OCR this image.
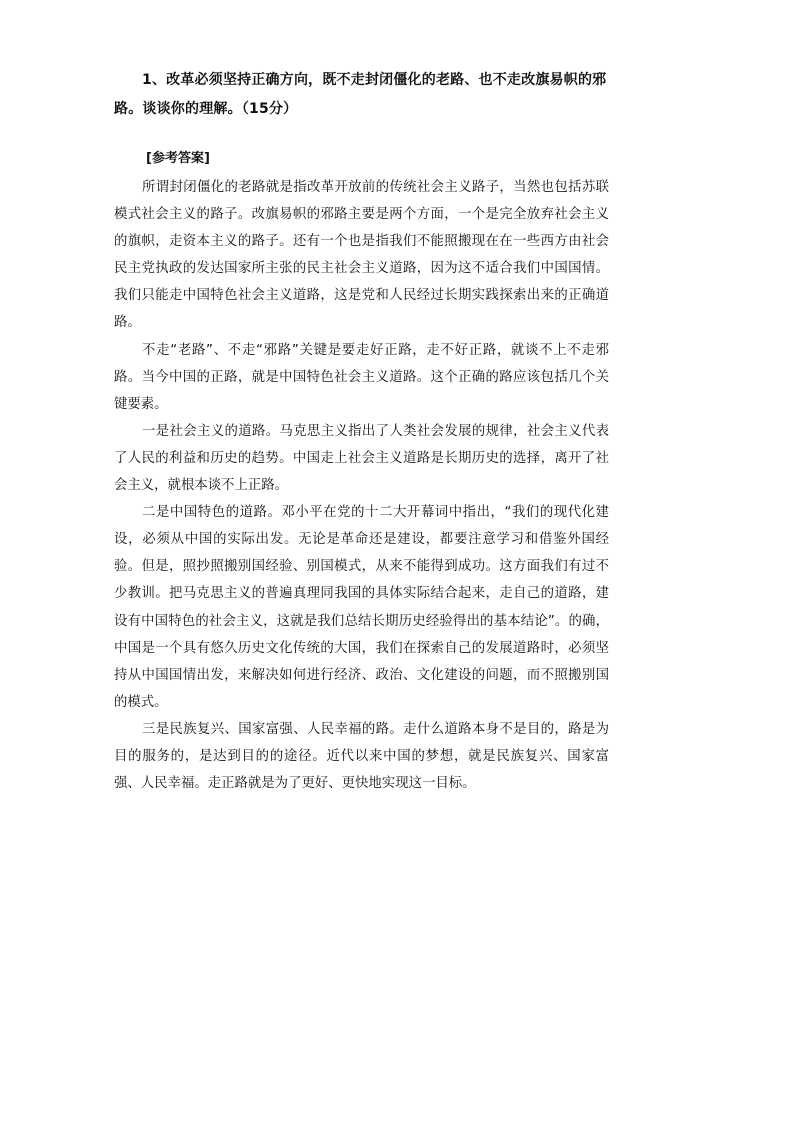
1、改革必须坚持正确方向，既不走封闭僵化的老路、也不走改旗易帜的邪路。谈谈你的理解。（15分）
[参考答案]

所谓封闭僵化的老路就是指改革开放前的传统社会主义路子，当然也包括苏联模式社会主义的路子。改旗易帜的邪路主要是两个方面，一个是完全放弃社会主义的旗帜，走资本主义的路子。还有一个也是指我们不能照搬现在在一些西方由社会民主党执政的发达国家所主张的民主社会主义道路，因为这不适合我们中国国情。我们只能走中国特色社会主义道路，这是党和人民经过长期实践探索出来的正确道路。

不走“老路”、不走“邪路”关键是要走好正路，走不好正路，就谈不上不走邪路。当今中国的正路，就是中国特色社会主义道路。这个正确的路应该包括几个关键要素。

一是社会主义的道路。马克思主义指出了人类社会发展的规律，社会主义代表了人民的利益和历史的趋势。中国走上社会主义道路是长期历史的选择，离开了社会主义，就根本谈不上正路。

二是中国特色的道路。邓小平在党的十二大开幕词中指出，“我们的现代化建设，必须从中国的实际出发。无论是革命还是建设，都要注意学习和借鉴外国经验。但是，照抄照搬别国经验、别国模式，从来不能得到成功。这方面我们有过不少教训。把马克思主义的普遍真理同我国的具体实际结合起来，走自己的道路，建设有中国特色的社会主义，这就是我们总结长期历史经验得出的基本结论”。的确，中国是一个具有悠久历史文化传统的大国，我们在探索自己的发展道路时，必须坚持从中国国情出发，来解决如何进行经济、政治、文化建设的问题，而不照搬别国的模式。

三是民族复兴、国家富强、人民幸福的路。走什么道路本身不是目的，路是为目的服务的，是达到目的的途径。近代以来中国的梦想，就是民族复兴、国家富强、人民幸福。走正路就是为了更好、更快地实现这一目标。
